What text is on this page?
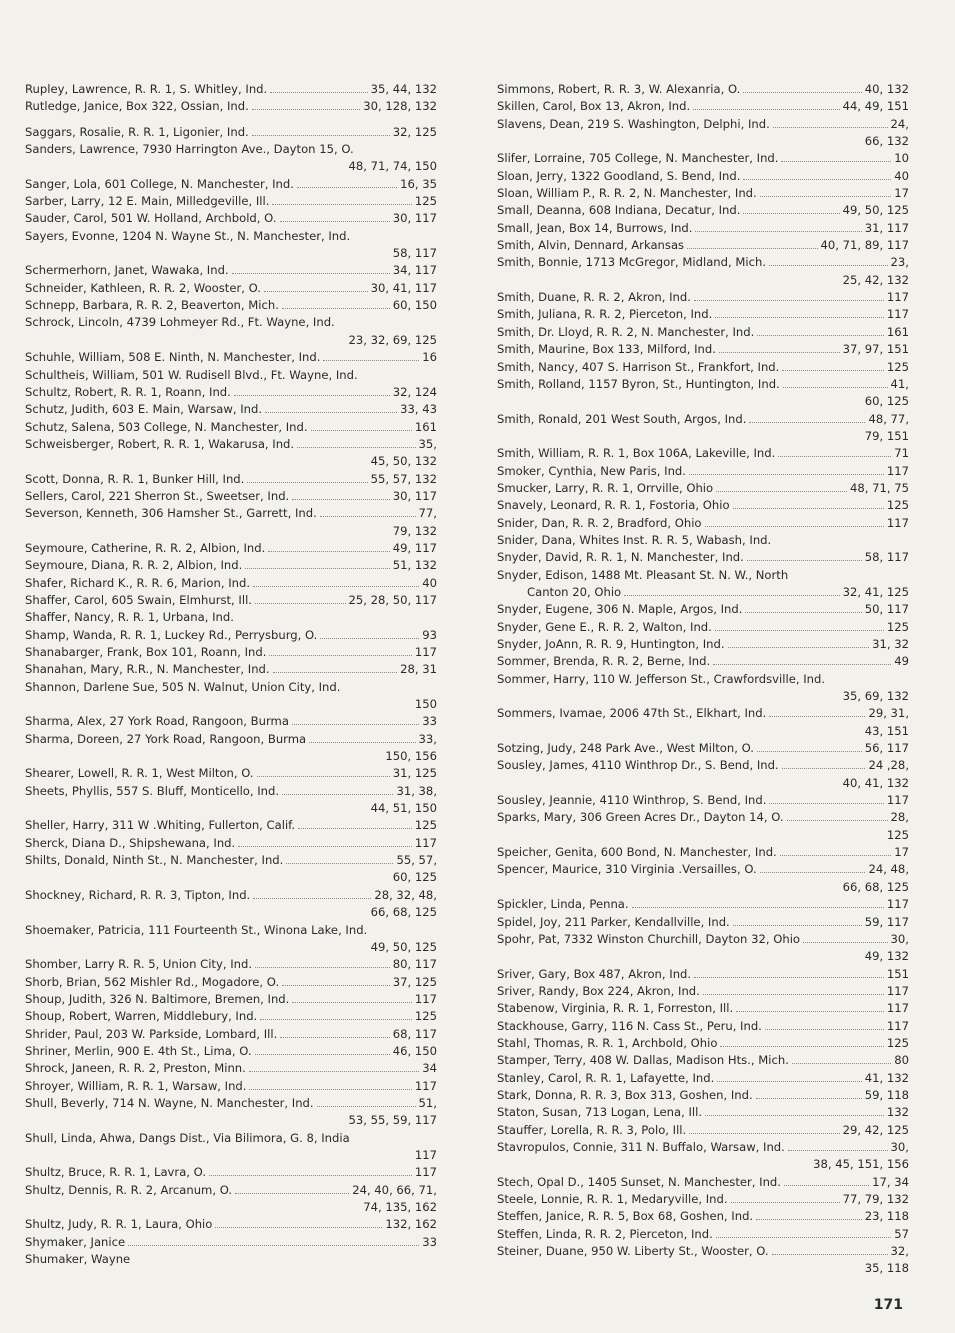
Rupley, Lawrence, R. R. 1, S. Whitley, Ind.	35, 44, 132
Rutledge, Janice, Box 322, Ossian, Ind.	30, 128, 132
Saggars, Rosalie, R. R. 1, Ligonier, Ind.	32, 125
Sanders, Lawrence, 7930 Harrington Ave., Dayton 15, O.
48, 71, 74, 150
Sanger, Lola, 601 College, N. Manchester, Ind.	16, 35
Sarber, Larry, 12 E. Main, Milledgeville, Ill.	125
Sauder, Carol, 501 W. Holland, Archbold, O.	30, 117
Sayers, Evonne, 1204 N. Wayne St., N. Manchester, Ind.
58, 117
Schermerhorn, Janet, Wawaka, Ind.	34, 117
Schneider, Kathleen, R. R. 2, Wooster, O.	30, 41, 117
Schnepp, Barbara, R. R. 2, Beaverton, Mich.	60, 150
Schrock, Lincoln, 4739 Lohmeyer Rd., Ft. Wayne, Ind.
23, 32, 69, 125
Schuhle, William, 508 E. Ninth, N. Manchester, Ind.	16
Schultheis, William, 501 W. Rudisell Blvd., Ft. Wayne, Ind.
Schultz, Robert, R. R. 1, Roann, Ind.	32, 124
Schutz, Judith, 603 E. Main, Warsaw, Ind.	33, 43
Schutz, Salena, 503 College, N. Manchester, Ind.	161
Schweisberger, Robert, R. R. 1, Wakarusa, Ind.	35,
45, 50, 132
Scott, Donna, R. R. 1, Bunker Hill, Ind.	55, 57, 132
Sellers, Carol, 221 Sherron St., Sweetser, Ind.	30, 117
Severson, Kenneth, 306 Hamsher St., Garrett, Ind.	77,
79, 132
Seymoure, Catherine, R. R. 2, Albion, Ind.	49, 117
Seymoure, Diana, R. R. 2, Albion, Ind.	51, 132
Shafer, Richard K., R. R. 6, Marion, Ind.	40
Shaffer, Carol, 605 Swain, Elmhurst, Ill.	25, 28, 50, 117
Shaffer, Nancy, R. R. 1, Urbana, Ind.
Shamp, Wanda, R. R. 1, Luckey Rd., Perrysburg, O.	93
Shanabarger, Frank, Box 101, Roann, Ind.	117
Shanahan, Mary, R.R., N. Manchester, Ind.	28, 31
Shannon, Darlene Sue, 505 N. Walnut, Union City, Ind.
150
Sharma, Alex, 27 York Road, Rangoon, Burma	33
Sharma, Doreen, 27 York Road, Rangoon, Burma	33,
150, 156
Shearer, Lowell, R. R. 1, West Milton, O.	31, 125
Sheets, Phyllis, 557 S. Bluff, Monticello, Ind.	31, 38,
44, 51, 150
Sheller, Harry, 311 W .Whiting, Fullerton, Calif.	125
Sherck, Diana D., Shipshewana, Ind.	117
Shilts, Donald, Ninth St., N. Manchester, Ind.	55, 57,
60, 125
Shockney, Richard, R. R. 3, Tipton, Ind.	28, 32, 48,
66, 68, 125
Shoemaker, Patricia, 111 Fourteenth St., Winona Lake, Ind.
49, 50, 125
Shomber, Larry R. R. 5, Union City, Ind.	80, 117
Shorb, Brian, 562 Mishler Rd., Mogadore, O.	37, 125
Shoup, Judith, 326 N. Baltimore, Bremen, Ind.	117
Shoup, Robert, Warren, Middlebury, Ind.	125
Shrider, Paul, 203 W. Parkside, Lombard, Ill.	68, 117
Shriner, Merlin, 900 E. 4th St., Lima, O.	46, 150
Shrock, Janeen, R. R. 2, Preston, Minn.	34
Shroyer, William, R. R. 1, Warsaw, Ind.	117
Shull, Beverly, 714 N. Wayne, N. Manchester, Ind.	51,
53, 55, 59, 117
Shull, Linda, Ahwa, Dangs Dist., Via Bilimora, G. 8, India
117
Shultz, Bruce, R. R. 1, Lavra, O.	117
Shultz, Dennis, R. R. 2, Arcanum, O.	24, 40, 66, 71,
74, 135, 162
Shultz, Judy, R. R. 1, Laura, Ohio	132, 162
Shymaker, Janice	33
Shumaker, Wayne
Simmons, Robert, R. R. 3, W. Alexanria, O.	40, 132
Skillen, Carol, Box 13, Akron, Ind.	44, 49, 151
Slavens, Dean, 219 S. Washington, Delphi, Ind.	24,
66, 132
Slifer, Lorraine, 705 College, N. Manchester, Ind.	10
Sloan, Jerry, 1322 Goodland, S. Bend, Ind.	40
Sloan, William P., R. R. 2, N. Manchester, Ind.	17
Small, Deanna, 608 Indiana, Decatur, Ind.	49, 50, 125
Small, Jean, Box 14, Burrows, Ind.	31, 117
Smith, Alvin, Dennard, Arkansas	40, 71, 89, 117
Smith, Bonnie, 1713 McGregor, Midland, Mich.	23,
25, 42, 132
Smith, Duane, R. R. 2, Akron, Ind.	117
Smith, Juliana, R. R. 2, Pierceton, Ind.	117
Smith, Dr. Lloyd, R. R. 2, N. Manchester, Ind.	161
Smith, Maurine, Box 133, Milford, Ind.	37, 97, 151
Smith, Nancy, 407 S. Harrison St., Frankfort, Ind.	125
Smith, Rolland, 1157 Byron, St., Huntington, Ind.	41,
60, 125
Smith, Ronald, 201 West South, Argos, Ind.	48, 77,
79, 151
Smith, William, R. R. 1, Box 106A, Lakeville, Ind.	71
Smoker, Cynthia, New Paris, Ind.	117
Smucker, Larry, R. R. 1, Orrville, Ohio	48, 71, 75
Snavely, Leonard, R. R. 1, Fostoria, Ohio	125
Snider, Dan, R. R. 2, Bradford, Ohio	117
Snider, Dana, Whites Inst. R. R. 5, Wabash, Ind.
Snyder, David, R. R. 1, N. Manchester, Ind.	58, 117
Snyder, Edison, 1488 Mt. Pleasant St. N. W., North
Canton 20, Ohio	32, 41, 125
Snyder, Eugene, 306 N. Maple, Argos, Ind.	50, 117
Snyder, Gene E., R. R. 2, Walton, Ind.	125
Snyder, JoAnn, R. R. 9, Huntington, Ind.	31, 32
Sommer, Brenda, R. R. 2, Berne, Ind.	49
Sommer, Harry, 110 W. Jefferson St., Crawfordsville, Ind.
35, 69, 132
Sommers, Ivamae, 2006 47th St., Elkhart, Ind.	29, 31,
43, 151
Sotzing, Judy, 248 Park Ave., West Milton, O.	56, 117
Sousley, James, 4110 Winthrop Dr., S. Bend, Ind.	24 ,28,
40, 41, 132
Sousley, Jeannie, 4110 Winthrop, S. Bend, Ind.	117
Sparks, Mary, 306 Green Acres Dr., Dayton 14, O.	28,
125
Speicher, Genita, 600 Bond, N. Manchester, Ind.	17
Spencer, Maurice, 310 Virginia .Versailles, O.	24, 48,
66, 68, 125
Spickler, Linda, Penna.	117
Spidel, Joy, 211 Parker, Kendallville, Ind.	59, 117
Spohr, Pat, 7332 Winston Churchill, Dayton 32, Ohio	30,
49, 132
Sriver, Gary, Box 487, Akron, Ind.	151
Sriver, Randy, Box 224, Akron, Ind.	117
Stabenow, Virginia, R. R. 1, Forreston, Ill.	117
Stackhouse, Garry, 116 N. Cass St., Peru, Ind.	117
Stahl, Thomas, R. R. 1, Archbold, Ohio	125
Stamper, Terry, 408 W. Dallas, Madison Hts., Mich.	80
Stanley, Carol, R. R. 1, Lafayette, Ind.	41, 132
Stark, Donna, R. R. 3, Box 313, Goshen, Ind.	59, 118
Staton, Susan, 713 Logan, Lena, Ill.	132
Stauffer, Lorella, R. R. 3, Polo, Ill.	29, 42, 125
Stavropulos, Connie, 311 N. Buffalo, Warsaw, Ind.	30,
38, 45, 151, 156
Stech, Opal D., 1405 Sunset, N. Manchester, Ind.	17, 34
Steele, Lonnie, R. R. 1, Medaryville, Ind.	77, 79, 132
Steffen, Janice, R. R. 5, Box 68, Goshen, Ind.	23, 118
Steffen, Linda, R. R. 2, Pierceton, Ind.	57
Steiner, Duane, 950 W. Liberty St., Wooster, O.	32,
35, 118
171
